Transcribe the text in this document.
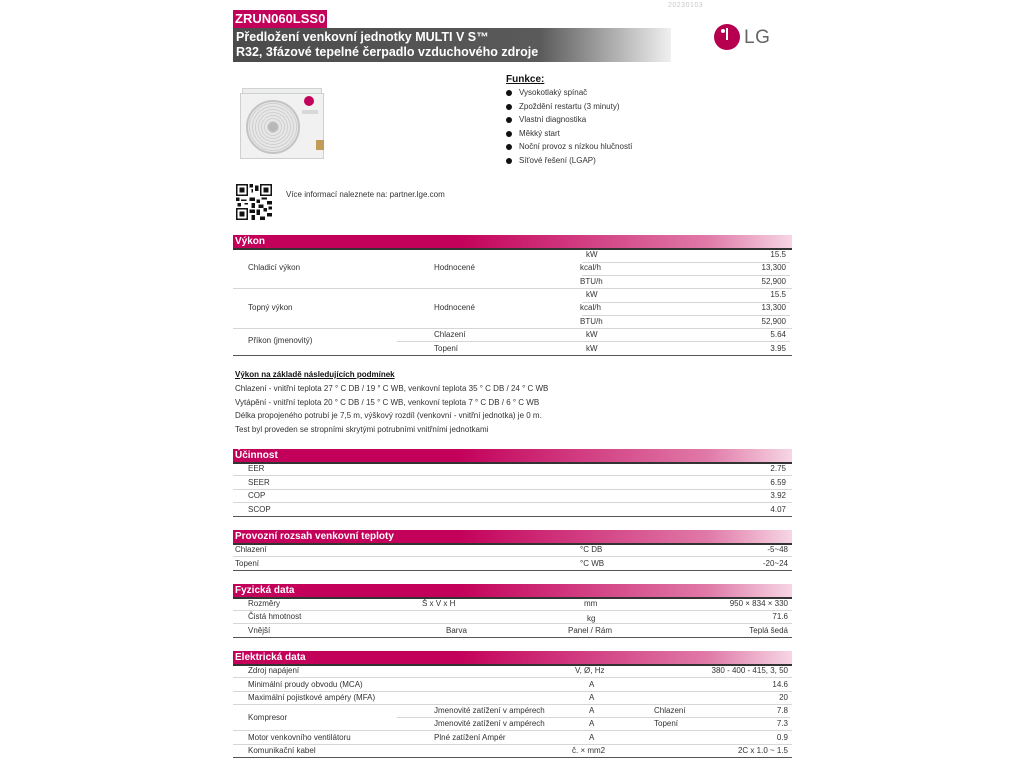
20230103
ZRUN060LSS0
Předložení venkovní jednotky MULTI V S™
R32, 3fázové tepelné čerpadlo vzduchového zdroje
LG
Funkce:
Vysokotlaký spínač
Zpoždění restartu (3 minuty)
Vlastní diagnostika
Měkký start
Noční provoz s nízkou hlučností
Síťové řešení (LGAP)
Více informací naleznete na: partner.lge.com
Výkon
Chladicí výkon	Hodnocené
kW	15.5
kcal/h	13,300
BTU/h	52,900
Topný výkon	Hodnocené
kW	15.5
kcal/h	13,300
BTU/h	52,900
Příkon (jmenovitý)
Chlazení	kW	5.64
Topení	kW	3.95
Výkon na základě následujících podmínek
Chlazení - vnitřní teplota 27 ° C DB / 19 ° C WB, venkovní teplota 35 ° C DB / 24 ° C WB
Vytápění - vnitřní teplota 20 ° C DB / 15 ° C WB, venkovní teplota 7 ° C DB / 6 ° C WB
Délka propojeného potrubí je 7,5 m, výškový rozdíl (venkovní - vnitřní jednotka) je 0 m.
Test byl proveden se stropními skrytými potrubními vnitřními jednotkami
Účinnost
EER	2.75
SEER	6.59
COP	3.92
SCOP	4.07
Provozní rozsah venkovní teploty
Chlazení	°C DB	-5~48
Topení	°C WB	-20~24
Fyzická data
Rozměry	Š x V x H	mm	950 × 834 × 330
Čistá hmotnost	kg	71.6
Vnější	Barva	Panel / Rám	Teplá šedá
Elektrická data
Zdroj napájení	V, Ø, Hz	380 - 400 - 415, 3, 50
Minimální proudy obvodu (MCA)	A	14.6
Maximální pojistkové ampéry (MFA)	A	20
Kompresor
Jmenovité zatížení v ampérech	A	Chlazení	7.8
Jmenovité zatížení v ampérech	A	Topení	7.3
Motor venkovního ventilátoru	Plné zatížení Ampér	A	0.9
Komunikační kabel	č. × mm2	2C x 1.0 ~ 1.5
